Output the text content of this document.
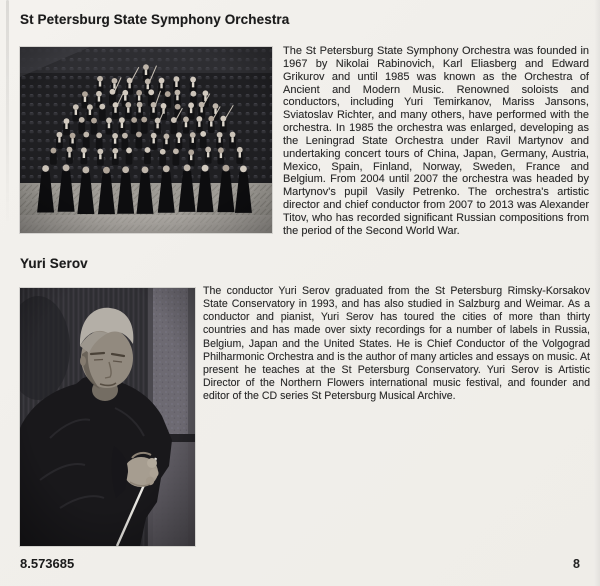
St Petersburg State Symphony Orchestra

The St Petersburg State Symphony Orchestra was founded in 1967 by Nikolai Rabinovich, Karl Eliasberg and Edward Grikurov and until 1985 was known as the Orchestra of Ancient and Modern Music. Renowned soloists and conductors, including Yuri Temirkanov, Mariss Jansons, Sviatoslav Richter, and many others, have performed with the orchestra. In 1985 the orchestra was enlarged, developing as the Leningrad State Orchestra under Ravil Martynov and undertaking concert tours of China, Japan, Germany, Austria, Mexico, Spain, Finland, Norway, Sweden, France and Belgium. From 2004 until 2007 the orchestra was headed by Martynov's pupil Vasily Petrenko. The orchestra's artistic director and chief conductor from 2007 to 2013 was Alexander Titov, who has recorded significant Russian compositions from the period of the Second World War.

Yuri Serov

The conductor Yuri Serov graduated from the St Petersburg Rimsky-Korsakov State Conservatory in 1993, and has also studied in Salzburg and Weimar. As a conductor and pianist, Yuri Serov has toured the cities of more than thirty countries and has made over sixty recordings for a number of labels in Russia, Belgium, Japan and the United States. He is Chief Conductor of the Volgograd Philharmonic Orchestra and is the author of many articles and essays on music. At present he teaches at the St Petersburg Conservatory. Yuri Serov is Artistic Director of the Northern Flowers international music festival, and founder and editor of the CD series St Petersburg Musical Archive.

8.573685	8
